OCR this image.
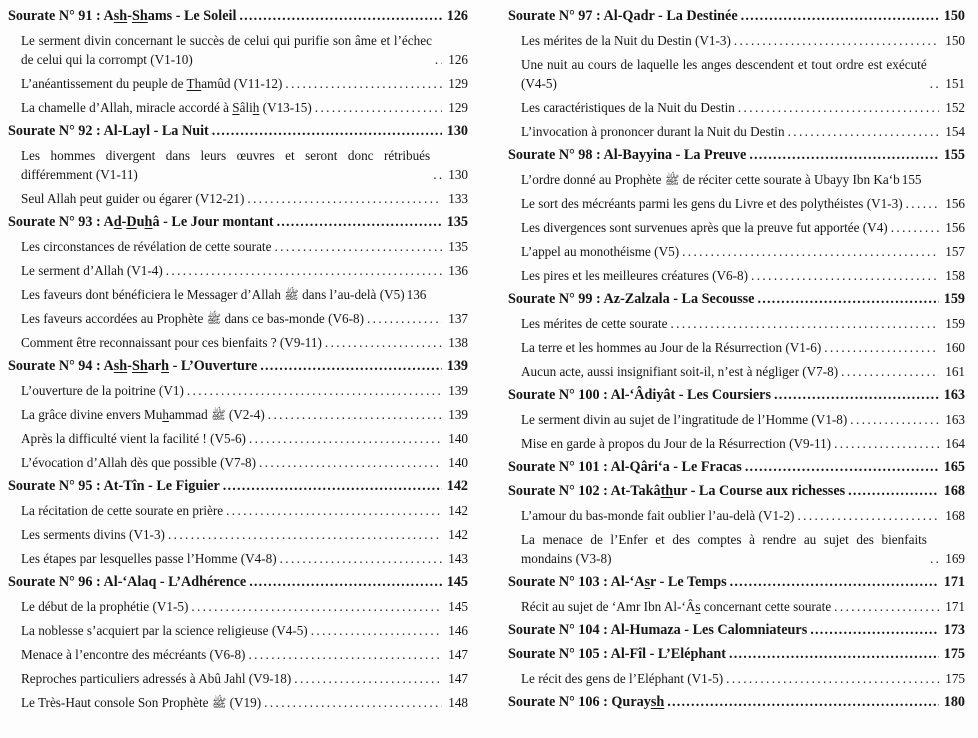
Sourate N° 91 : Ash-Shams - Le Soleil .....	126
Le serment divin concernant le succès de celui qui purifie son âme et l’échec de celui qui la corrompt (V1-10) .....	126
L’anéantissement du peuple de Thamûd (V11-12) .....	129
La chamelle d’Allah, miracle accordé à Sâlih (V13-15) .....	129
Sourate N° 92 : Al-Layl - La Nuit .....	130
Les hommes divergent dans leurs œuvres et seront donc rétribués différemment (V1-11) .....	130
Seul Allah peut guider ou égarer (V12-21) .....	133
Sourate N° 93 : Ad-Duhâ - Le Jour montant .....	135
Les circonstances de révélation de cette sourate .....	135
Le serment d’Allah (V1-4) .....	136
Les faveurs dont bénéficiera le Messager d’Allah ﷺ dans l’au-delà (V5) 136
Les faveurs accordées au Prophète ﷺ dans ce bas-monde (V6-8) .....	137
Comment être reconnaissant pour ces bienfaits ? (V9-11) .....	138
Sourate N° 94 : Ash-Sharh - L’Ouverture .....	139
L’ouverture de la poitrine (V1) .....	139
La grâce divine envers Muhammad ﷺ (V2-4) .....	139
Après la difficulté vient la facilité ! (V5-6) .....	140
L’évocation d’Allah dès que possible (V7-8) .....	140
Sourate N° 95 : At-Tîn - Le Figuier .....	142
La récitation de cette sourate en prière .....	142
Les serments divins (V1-3) .....	142
Les étapes par lesquelles passe l’Homme (V4-8) .....	143
Sourate N° 96 : Al-‘Alaq - L’Adhérence .....	145
Le début de la prophétie (V1-5) .....	145
La noblesse s’acquiert par la science religieuse (V4-5) .....	146
Menace à l’encontre des mécréants (V6-8) .....	147
Reproches particuliers adressés à Abû Jahl (V9-18) .....	147
Le Très-Haut console Son Prophète ﷺ (V19) .....	148
Sourate N° 97 : Al-Qadr - La Destinée .....	150
Les mérites de la Nuit du Destin (V1-3) .....	150
Une nuit au cours de laquelle les anges descendent et tout ordre est exécuté (V4-5) .....	151
Les caractéristiques de la Nuit du Destin .....	152
L’invocation à prononcer durant la Nuit du Destin .....	154
Sourate N° 98 : Al-Bayyina - La Preuve .....	155
L’ordre donné au Prophète ﷺ de réciter cette sourate à Ubayy Ibn Ka‘b 155
Le sort des mécréants parmi les gens du Livre et des polythéistes (V1-3) .....	156
Les divergences sont survenues après que la preuve fut apportée (V4) .....	156
L’appel au monothéisme (V5) .....	157
Les pires et les meilleures créatures (V6-8) .....	158
Sourate N° 99 : Az-Zalzala - La Secousse .....	159
Les mérites de cette sourate .....	159
La terre et les hommes au Jour de la Résurrection (V1-6) .....	160
Aucun acte, aussi insignifiant soit-il, n’est à négliger (V7-8) .....	161
Sourate N° 100 : Al-‘Âdiyât - Les Coursiers .....	163
Le serment divin au sujet de l’ingratitude de l’Homme (V1-8) .....	163
Mise en garde à propos du Jour de la Résurrection (V9-11) .....	164
Sourate N° 101 : Al-Qâri‘a - Le Fracas .....	165
Sourate N° 102 : At-Takâthur - La Course aux richesses .....	168
L’amour du bas-monde fait oublier l’au-delà (V1-2) .....	168
La menace de l’Enfer et des comptes à rendre au sujet des bienfaits mondains (V3-8) .....	169
Sourate N° 103 : Al-‘Asr - Le Temps .....	171
Récit au sujet de ‘Amr Ibn Al-‘Âs concernant cette sourate .....	171
Sourate N° 104 : Al-Humaza - Les Calomniateurs .....	173
Sourate N° 105 : Al-Fîl - L’Eléphant .....	175
Le récit des gens de l’Eléphant (V1-5) .....	175
Sourate N° 106 : Quraysh .....	180
